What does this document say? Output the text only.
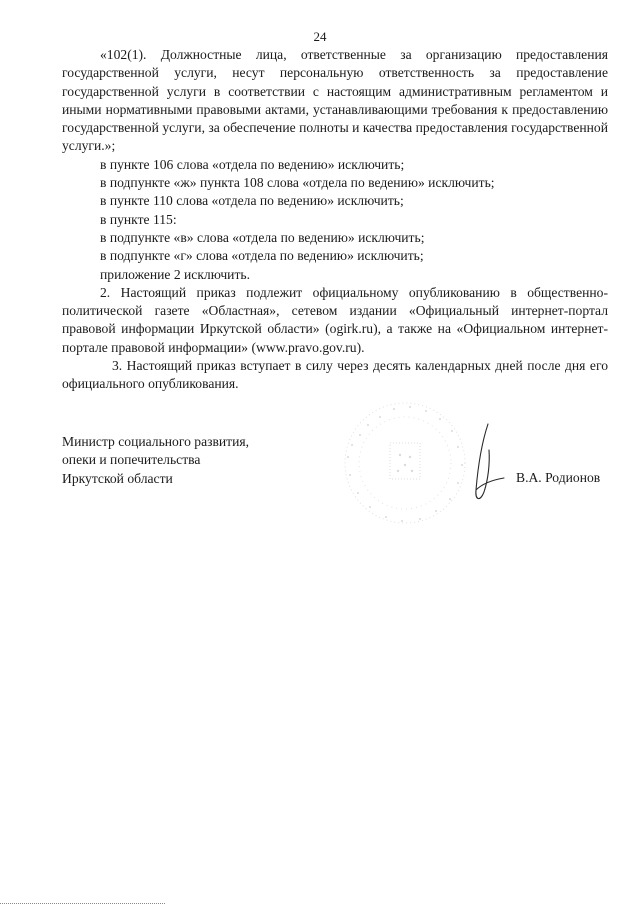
24

«102(1). Должностные лица, ответственные за организацию предоставления государственной услуги, несут персональную ответственность за предоставление государственной услуги в соответствии с настоящим административным регламентом и иными нормативными правовыми актами, устанавливающими требования к предоставлению государственной услуги, за обеспечение полноты и качества предоставления государственной услуги.»;

в пункте 106 слова «отдела по ведению» исключить;

в подпункте «ж» пункта 108 слова «отдела по ведению» исключить;

в пункте 110 слова «отдела по ведению» исключить;

в пункте 115:

в подпункте «в» слова «отдела по ведению» исключить;

в подпункте «г» слова «отдела по ведению» исключить;

приложение 2 исключить.

2. Настоящий приказ подлежит официальному опубликованию в общественно-политической газете «Областная», сетевом издании «Официальный интернет-портал правовой информации Иркутской области» (ogirk.ru), а также на «Официальном интернет-портале правовой информации» (www.pravo.gov.ru).

3. Настоящий приказ вступает в силу через десять календарных дней после дня его официального опубликования.

Министр социального развития,

опеки и попечительства

Иркутской области	В.А. Родионов
